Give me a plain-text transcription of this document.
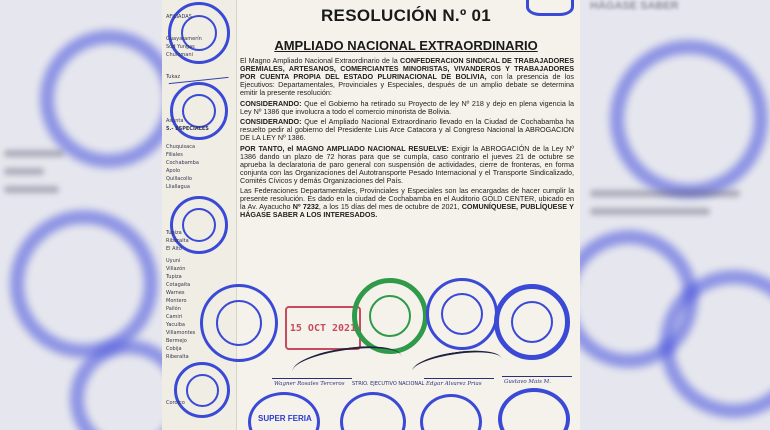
HÁGASE SABER
AFILIADAS
Tukaz
Chuquisaca
Filiales
Cochabamba
Apolo
Quillacollo
Lliallagua
Uyuni
Villazón
Tupiza
Cotagaita
Warnes
Montero
Pailón
Camiri
Yacuiba
Villamontes
Bermejo
Cobija
Riberalta
Guayaramerín
Sud Yungas
Chulumani
Asunta
5.- ESPECIALES
Tupiza
Riberalta
El Alto
Coroico
RESOLUCIÓN N.º 01
AMPLIADO NACIONAL EXTRAORDINARIO

El Magno Ampliado Nacional Extraordinario de la CONFEDERACION SINDICAL DE TRABAJADORES GREMIALES, ARTESANOS, COMERCIANTES MINORISTAS, VIVANDEROS Y TRABAJADORES POR CUENTA PROPIA DEL ESTADO PLURINACIONAL DE BOLIVIA, con la presencia de los Ejecutivos: Departamentales, Provinciales y Especiales, después de un amplio debate se determina emitir la presente resolución:

CONSIDERANDO: Que el Gobierno ha retirado su Proyecto de ley Nº 218 y dejo en plena vigencia la Ley Nº 1386 que involucra a todo el comercio minorista de Bolivia.

CONSIDERANDO: Que el Ampliado Nacional Extraordinario llevado en la Ciudad de Cochabamba ha resuelto pedir al gobierno del Presidente Luis Arce Catacora y al Congreso Nacional la ABROGACION DE LA LEY Nº 1386.

POR TANTO, el MAGNO AMPLIADO NACIONAL RESUELVE: Exigir la ABROGACIÓN de la Ley Nº 1386 dando un plazo de 72 horas para que se cumpla, caso contrario el jueves 21 de octubre se aprueba la declaratoria de paro general con suspensión de actividades, cierre de fronteras, en forma conjunta con las Organizaciones del Autotransporte Pesado Internacional y el Transporte Sindicalizado, Comités Cívicos y demás Organizaciones del País.

Las Federaciones Departamentales, Provinciales y Especiales son las encargadas de hacer cumplir la presente resolución. Es dado en la ciudad de Cochabamba en el Auditorio GOLD CENTER, ubicado en la Av. Ayacucho Nº 7232, a los 15 días del mes de octubre de 2021, COMUNÍQUESE, PUBLÍQUESE Y HÁGASE SABER A LOS INTERESADOS.

15 OCT 2021
Wagner Rosales Terceros STRIO. EJECUTIVO NACIONAL Edgar Alvarez Prias	Gustavo Mais M.
SUPER FERIA
